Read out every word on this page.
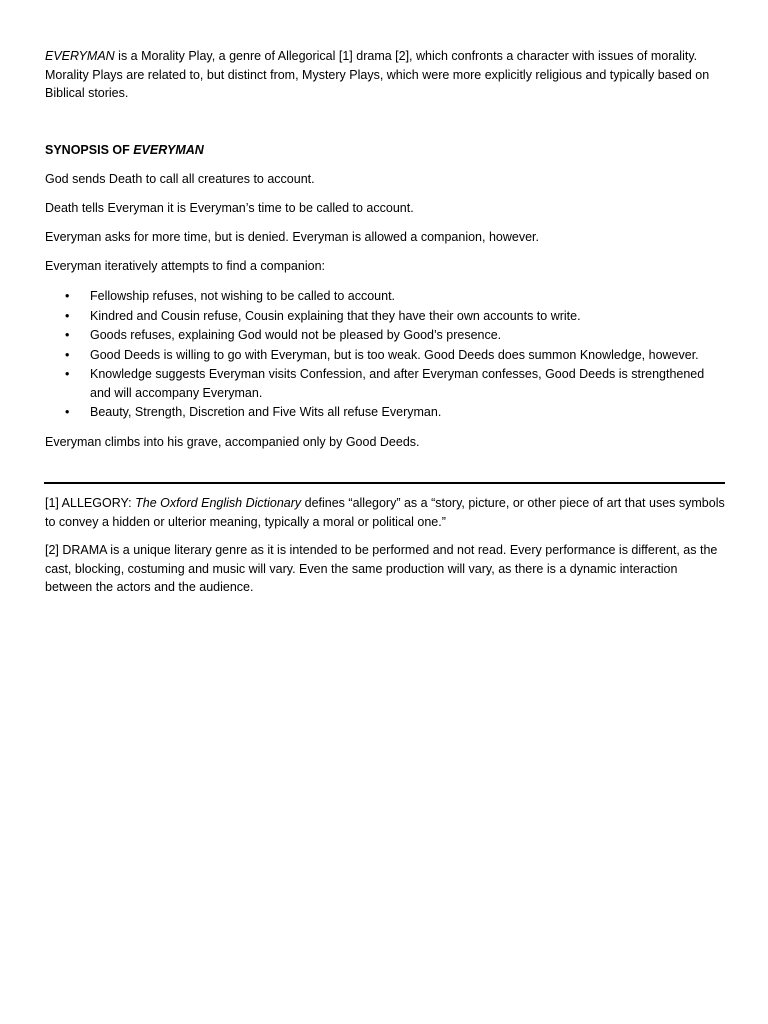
EVERYMAN is a Morality Play, a genre of Allegorical [1] drama [2], which confronts a character with issues of morality. Morality Plays are related to, but distinct from, Mystery Plays, which were more explicitly religious and typically based on Biblical stories.

SYNOPSIS OF EVERYMAN

God sends Death to call all creatures to account.

Death tells Everyman it is Everyman’s time to be called to account.

Everyman asks for more time, but is denied. Everyman is allowed a companion, however.

Everyman iteratively attempts to find a companion:

• Fellowship refuses, not wishing to be called to account.
• Kindred and Cousin refuse, Cousin explaining that they have their own accounts to write.
• Goods refuses, explaining God would not be pleased by Good’s presence.
• Good Deeds is willing to go with Everyman, but is too weak. Good Deeds does summon Knowledge, however.
• Knowledge suggests Everyman visits Confession, and after Everyman confesses, Good Deeds is strengthened and will accompany Everyman.
• Beauty, Strength, Discretion and Five Wits all refuse Everyman.

Everyman climbs into his grave, accompanied only by Good Deeds.

[1] ALLEGORY: The Oxford English Dictionary defines “allegory” as a “story, picture, or other piece of art that uses symbols to convey a hidden or ulterior meaning, typically a moral or political one.”

[2] DRAMA is a unique literary genre as it is intended to be performed and not read. Every performance is different, as the cast, blocking, costuming and music will vary. Even the same production will vary, as there is a dynamic interaction between the actors and the audience.
